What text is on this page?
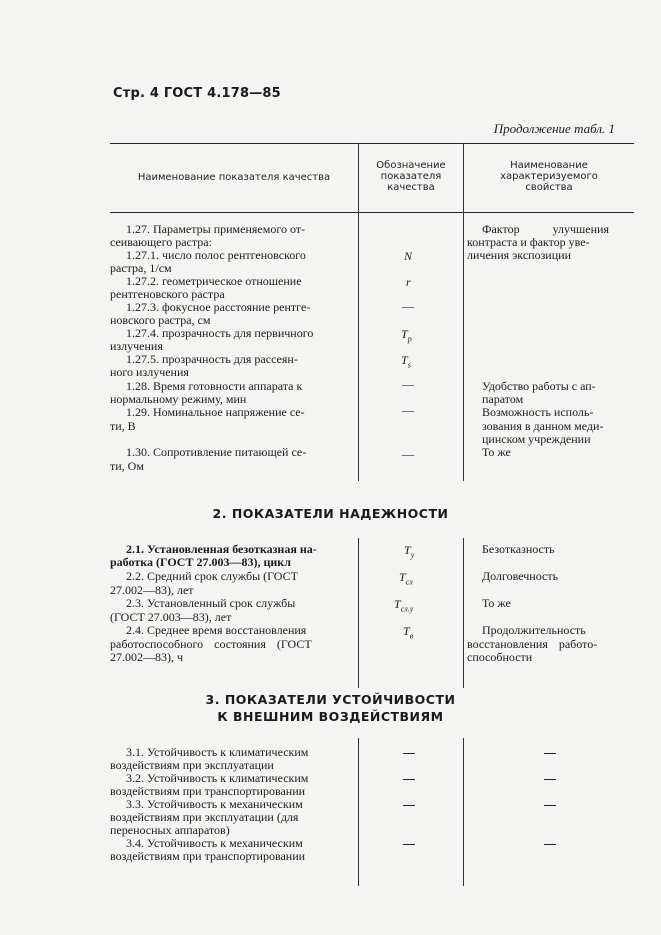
Стр. 4 ГОСТ 4.178—85
Продолжение табл. 1
Наименование показателя качества
Обозначение
показателя
качества
Наименование
характеризуемого
свойства
1.27. Параметры применяемого от-
сеивающего растра:
1.27.1. число полос рентгеновского
растра, 1/см
1.27.2. геометрическое отношение
рентгеновского растра
1.27.3. фокусное расстояние рентге-
новского растра, см
1.27.4. прозрачность для первичного
излучения
1.27.5. прозрачность для рассеян-
ного излучения
1.28. Время готовности аппарата к
нормальному режиму, мин
1.29. Номинальное напряжение се-
ти, В
1.30. Сопротивление питающей се-
ти, Ом
N
r
—
$T_p$
$T_s$
—
—
—
Фактор улучшения
контраста и фактор уве-
личения экспозиции
Удобство работы с ап-
паратом
Возможность исполь-
зования в данном меди-
цинском учреждении
То же
2. ПОКАЗАТЕЛИ НАДЕЖНОСТИ
2.1. Установленная безотказная на-
работка (ГОСТ 27.003—83), цикл
2.2. Средний срок службы (ГОСТ
27.002—83), лет
2.3. Установленный срок службы
(ГОСТ 27.003—83), лет
2.4. Среднее время восстановления
работоспособного состояния (ГОСТ
27.002—83), ч
$T_у$
$T_{сл}$
$T_{сл.у}$
$T_в$
Безотказность
Долговечность
То же
Продолжительность
восстановления работо-
способности
3. ПОКАЗАТЕЛИ УСТОЙЧИВОСТИ
К ВНЕШНИМ ВОЗДЕЙСТВИЯМ
3.1. Устойчивость к климатическим
воздействиям при эксплуатации
3.2. Устойчивость к климатическим
воздействиям при транспортировании
3.3. Устойчивость к механическим
воздействиям при эксплуатации (для
переносных аппаратов)
3.4. Устойчивость к механическим
воздействиям при транспортировании
